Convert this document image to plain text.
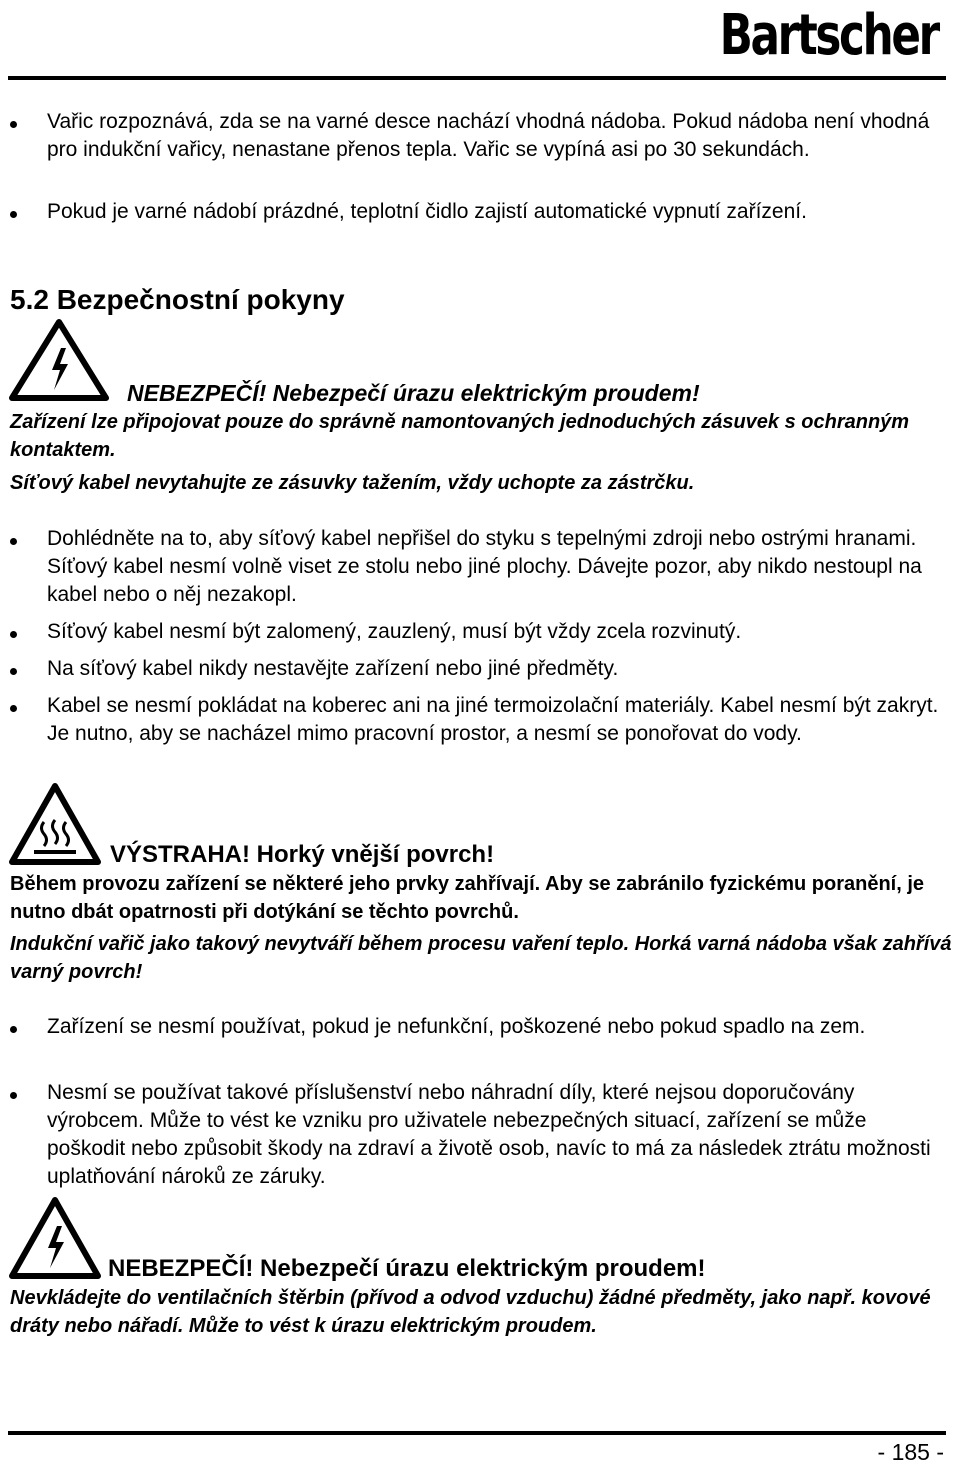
Bartscher
Vařic rozpoznává, zda se na varné desce nachází vhodná nádoba. Pokud nádoba není vhodná pro indukční vařicy, nenastane přenos tepla. Vařic se vypíná asi po 30 sekundách.
Pokud je varné nádobí prázdné, teplotní čidlo zajistí automatické vypnutí zařízení.
5.2 Bezpečnostní pokyny
NEBEZPEČÍ! Nebezpečí úrazu elektrickým proudem!
Zařízení lze připojovat pouze do správně namontovaných jednoduchých zásuvek s ochranným kontaktem.
Síťový kabel nevytahujte ze zásuvky tažením, vždy uchopte za zástrčku.
Dohlédněte na to, aby síťový kabel nepřišel do styku s tepelnými zdroji nebo ostrými hranami. Síťový kabel nesmí volně viset ze stolu nebo jiné plochy. Dávejte pozor, aby nikdo nestoupl na kabel nebo o něj nezakopl.
Síťový kabel nesmí být zalomený, zauzlený, musí být vždy zcela rozvinutý.
Na síťový kabel nikdy nestavějte zařízení nebo jiné předměty.
Kabel se nesmí pokládat na koberec ani na jiné termoizolační materiály. Kabel nesmí být zakryt. Je nutno, aby se nacházel mimo pracovní prostor, a nesmí se ponořovat do vody.
VÝSTRAHA! Horký vnější povrch!
Během provozu zařízení se některé jeho prvky zahřívají. Aby se zabránilo fyzickému poranění, je nutno dbát opatrnosti při dotýkání se těchto povrchů.
Indukční vařič jako takový nevytváří během procesu vaření teplo. Horká varná nádoba však zahřívá varný povrch!
Zařízení se nesmí používat, pokud je nefunkční, poškozené nebo pokud spadlo na zem.
Nesmí se používat takové příslušenství nebo náhradní díly, které nejsou doporučovány výrobcem. Může to vést ke vzniku pro uživatele nebezpečných situací, zařízení se může poškodit nebo způsobit škody na zdraví a životě osob, navíc to má za následek ztrátu možnosti uplatňování nároků ze záruky.
NEBEZPEČÍ! Nebezpečí úrazu elektrickým proudem!
Nevkládejte do ventilačních štěrbin (přívod a odvod vzduchu) žádné předměty, jako např. kovové dráty nebo nářadí. Může to vést k úrazu elektrickým proudem.
- 185 -
